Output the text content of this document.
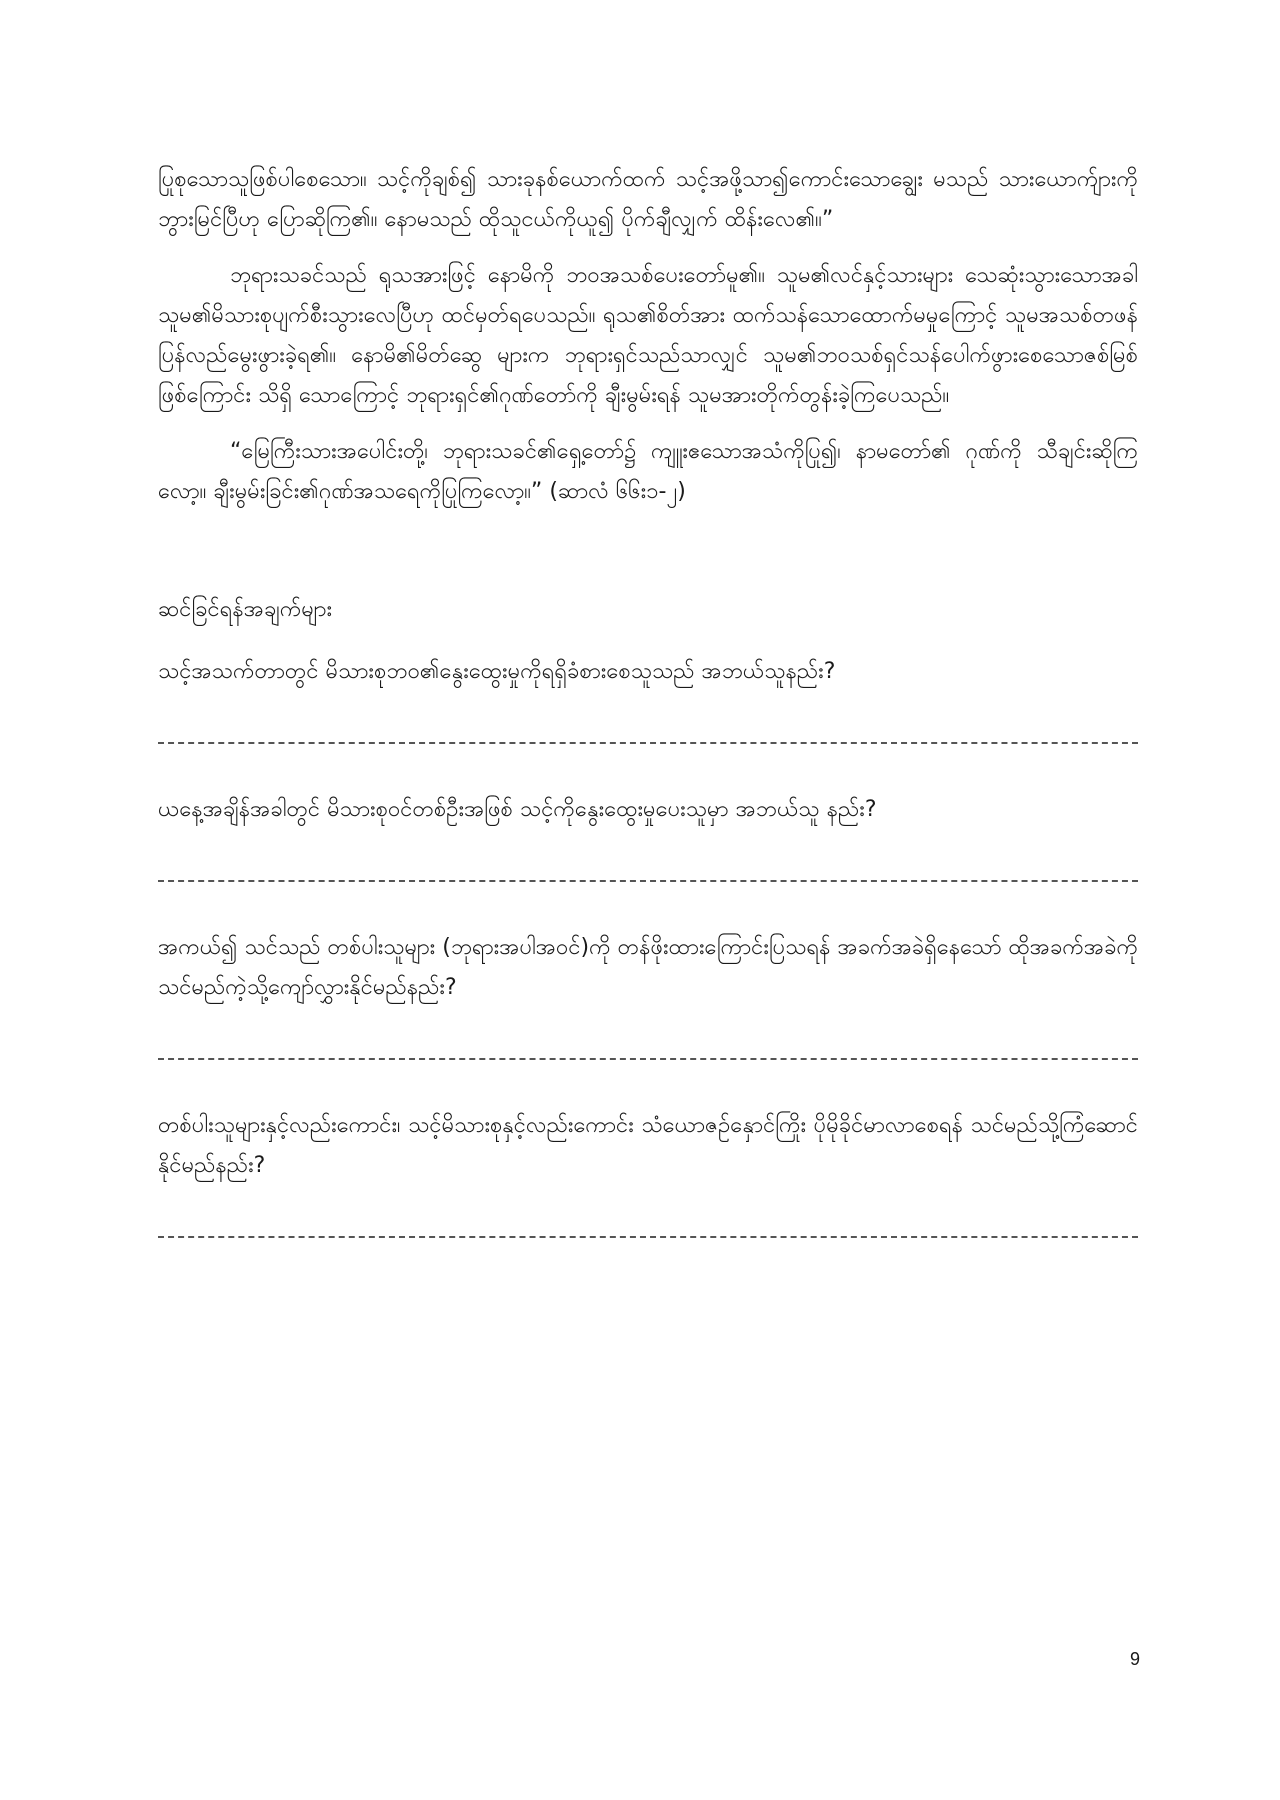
ပြုစုသောသူဖြစ်ပါစေသော။ သင့်ကိုချစ်၍ သားခုနစ်ယောက်ထက် သင့်အဖို့သာ၍ကောင်းသောချွေး မသည် သားယောက်ျားကိုဘွားမြင်ပြီဟု ပြောဆိုကြ၏။ နောမသည် ထိုသူငယ်ကိုယူ၍ ပိုက်ချီလျှက် ထိန်းလေ၏။”

ဘုရားသခင်သည် ရုသအားဖြင့် နောမိကို ဘဝအသစ်ပေးတော်မူ၏။ သူမ၏လင်နှင့်သားများ သေဆုံးသွားသောအခါ သူမ၏မိသားစုပျက်စီးသွားလေပြီဟု ထင်မှတ်ရပေသည်။ ရုသ၏စိတ်အား ထက်သန်သောထောက်မမှုကြောင့် သူမအသစ်တဖန် ပြန်လည်မွေးဖွားခဲ့ရ၏။ နောမိ၏မိတ်ဆွေ များက ဘုရားရှင်သည်သာလျှင် သူမ၏ဘဝသစ်ရှင်သန်ပေါက်ဖွားစေသောဇစ်မြစ်ဖြစ်ကြောင်း သိရှိ သောကြောင့် ဘုရားရှင်၏ဂုဏ်တော်ကို ချီးမွမ်းရန် သူမအားတိုက်တွန်းခဲ့ကြပေသည်။

“မြေကြီးသားအပေါင်းတို့၊ ဘုရားသခင်၏ရှေ့တော်၌ ကျူးဧသောအသံကိုပြု၍၊ နာမတော်၏ ဂုဏ်ကို သီချင်းဆိုကြလော့။ ချီးမွမ်းခြင်း၏ဂုဏ်အသရေကိုပြုကြလော့။” (ဆာလံ ၆၆း၁-၂)

ဆင်ခြင်ရန်အချက်များ

သင့်အသက်တာတွင် မိသားစုဘဝ၏နွေးထွေးမှုကိုရရှိခံစားစေသူသည် အဘယ်သူနည်း?

ယနေ့အချိန်အခါတွင် မိသားစုဝင်တစ်ဦးအဖြစ် သင့်ကိုနွေးထွေးမှုပေးသူမှာ အဘယ်သူ နည်း?

အကယ်၍ သင်သည် တစ်ပါးသူများ (ဘုရားအပါအဝင်)ကို တန်ဖိုးထားကြောင်းပြသရန် အခက်အခဲရှိနေသော် ထိုအခက်အခဲကို သင်မည်ကဲ့သို့ကျော်လွှားနိုင်မည်နည်း?

တစ်ပါးသူများနှင့်လည်းကောင်း၊ သင့်မိသားစုနှင့်လည်းကောင်း သံယောဇဉ်နှောင်ကြိုး ပိုမိုခိုင်မာလာစေရန် သင်မည်သို့ကြံဆောင်နိုင်မည်နည်း?

9
